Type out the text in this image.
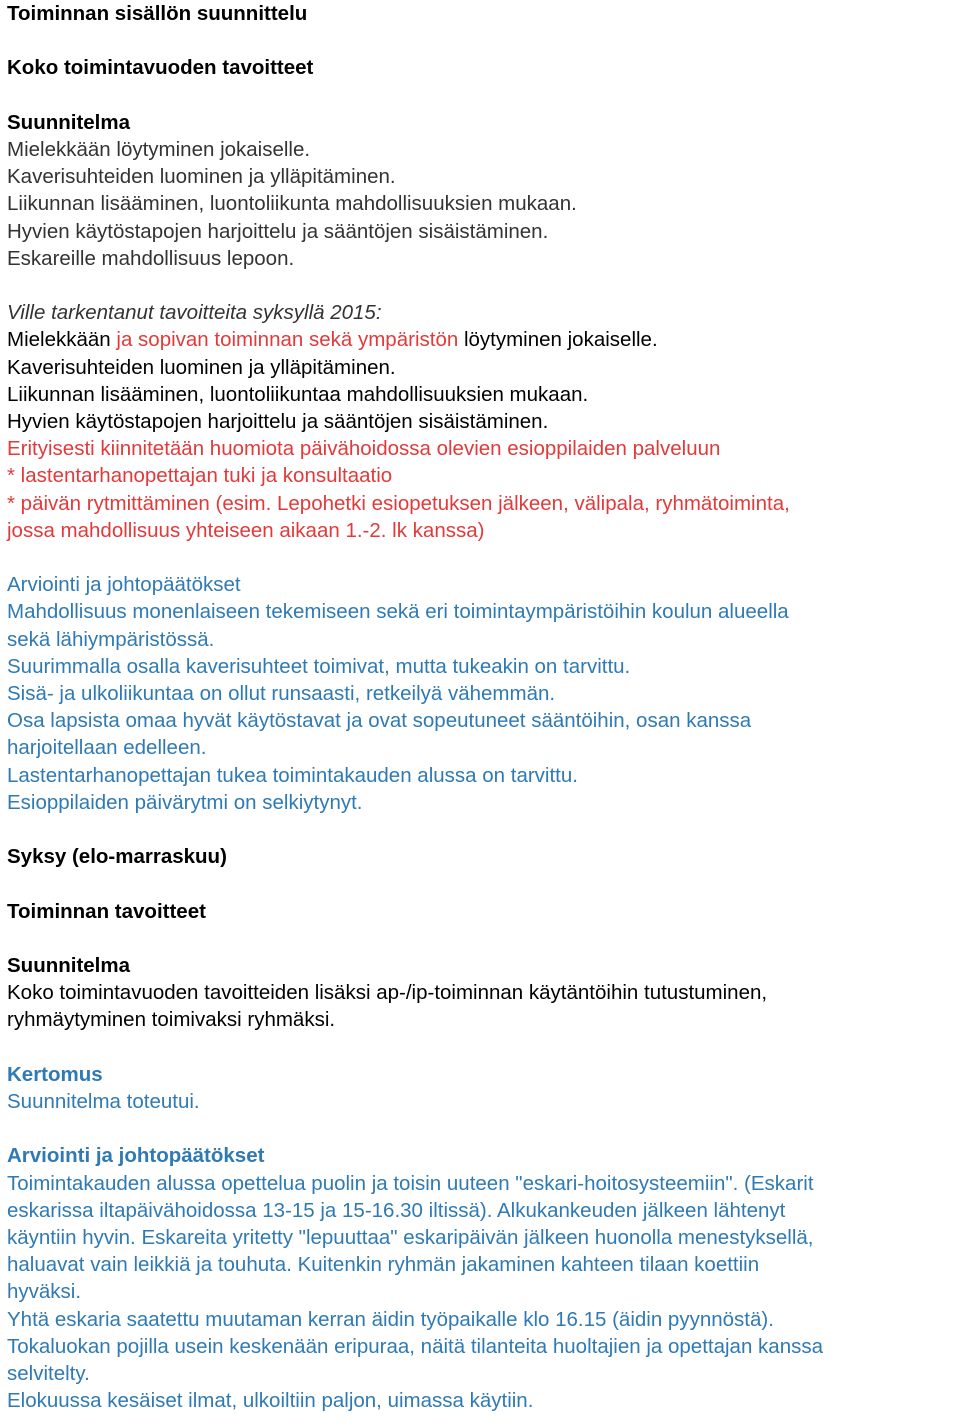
Toiminnan sisällön suunnittelu

Koko toimintavuoden tavoitteet

Suunnitelma

Mielekkään löytyminen jokaiselle.

Kaverisuhteiden luominen ja ylläpitäminen.

Liikunnan lisääminen, luontoliikunta mahdollisuuksien mukaan.

Hyvien käytöstapojen harjoittelu ja sääntöjen sisäistäminen.

Eskareille mahdollisuus lepoon.

Ville tarkentanut tavoitteita syksyllä 2015:

Mielekkään ja sopivan toiminnan sekä ympäristön löytyminen jokaiselle.

Kaverisuhteiden luominen ja ylläpitäminen.

Liikunnan lisääminen, luontoliikuntaa mahdollisuuksien mukaan.

Hyvien käytöstapojen harjoittelu ja sääntöjen sisäistäminen.

Erityisesti kiinnitetään huomiota päivähoidossa olevien esioppilaiden palveluun

* lastentarhanopettajan tuki ja konsultaatio

* päivän rytmittäminen (esim. Lepohetki esiopetuksen jälkeen, välipala, ryhmätoiminta,

jossa mahdollisuus yhteiseen aikaan 1.-2. lk kanssa)

Arviointi ja johtopäätökset

Mahdollisuus monenlaiseen tekemiseen sekä eri toimintaympäristöihin koulun alueella

sekä lähiympäristössä.

Suurimmalla osalla kaverisuhteet toimivat, mutta tukeakin on tarvittu.

Sisä- ja ulkoliikuntaa on ollut runsaasti, retkeilyä vähemmän.

Osa lapsista omaa hyvät käytöstavat ja ovat sopeutuneet sääntöihin, osan kanssa

harjoitellaan edelleen.

Lastentarhanopettajan tukea toimintakauden alussa on tarvittu.

Esioppilaiden päivärytmi on selkiytynyt.

Syksy (elo-marraskuu)

Toiminnan tavoitteet

Suunnitelma

Koko toimintavuoden tavoitteiden lisäksi ap-/ip-toiminnan käytäntöihin tutustuminen,

ryhmäytyminen toimivaksi ryhmäksi.

Kertomus

Suunnitelma toteutui.

Arviointi ja johtopäätökset

Toimintakauden alussa opettelua puolin ja toisin uuteen "eskari-hoitosysteemiin". (Eskarit

eskarissa iltapäivähoidossa 13-15 ja 15-16.30 iltissä). Alkukankeuden jälkeen lähtenyt

käyntiin hyvin. Eskareita yritetty "lepuuttaa" eskaripäivän jälkeen huonolla menestyksellä,

haluavat vain leikkiä ja touhuta. Kuitenkin ryhmän jakaminen kahteen tilaan koettiin

hyväksi.

Yhtä eskaria saatettu muutaman kerran äidin työpaikalle klo 16.15 (äidin pyynnöstä).

Tokaluokan pojilla usein keskenään eripuraa, näitä tilanteita huoltajien ja opettajan kanssa

selvitelty.

Elokuussa kesäiset ilmat, ulkoiltiin paljon, uimassa käytiin.
